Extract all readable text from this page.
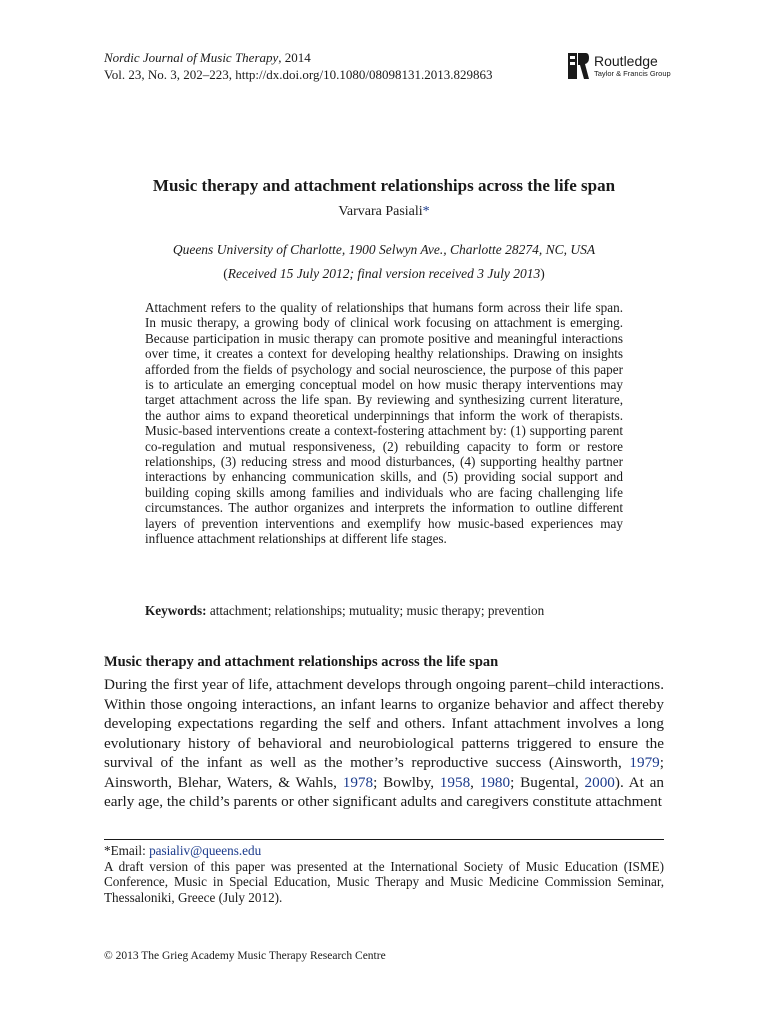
Nordic Journal of Music Therapy, 2014
Vol. 23, No. 3, 202–223, http://dx.doi.org/10.1080/08098131.2013.829863
Routledge
Taylor & Francis Group
Music therapy and attachment relationships across the life span
Varvara Pasiali*
Queens University of Charlotte, 1900 Selwyn Ave., Charlotte 28274, NC, USA
(Received 15 July 2012; final version received 3 July 2013)
Attachment refers to the quality of relationships that humans form across their life span. In music therapy, a growing body of clinical work focusing on attachment is emerging. Because participation in music therapy can promote positive and meaningful interactions over time, it creates a context for developing healthy relationships. Drawing on insights afforded from the fields of psychology and social neuroscience, the purpose of this paper is to articulate an emerging conceptual model on how music therapy interventions may target attachment across the life span. By reviewing and synthesizing current literature, the author aims to expand theoretical underpinnings that inform the work of therapists. Music-based interventions create a context-fostering attachment by: (1) supporting parent co-regulation and mutual responsiveness, (2) rebuilding capacity to form or restore relationships, (3) reducing stress and mood disturbances, (4) supporting healthy partner interactions by enhancing communication skills, and (5) providing social support and building coping skills among families and individuals who are facing challenging life circumstances. The author organizes and interprets the information to outline different layers of prevention interventions and exemplify how music-based experiences may influence attachment relationships at different life stages.
Keywords: attachment; relationships; mutuality; music therapy; prevention
Music therapy and attachment relationships across the life span
During the first year of life, attachment develops through ongoing parent–child interactions. Within those ongoing interactions, an infant learns to organize behavior and affect thereby developing expectations regarding the self and others. Infant attachment involves a long evolutionary history of behavioral and neurobiological patterns triggered to ensure the survival of the infant as well as the mother’s reproductive success (Ainsworth, 1979; Ainsworth, Blehar, Waters, & Wahls, 1978; Bowlby, 1958, 1980; Bugental, 2000). At an early age, the child’s parents or other significant adults and caregivers constitute attachment
*Email: pasialiv@queens.edu
A draft version of this paper was presented at the International Society of Music Education (ISME) Conference, Music in Special Education, Music Therapy and Music Medicine Commission Seminar, Thessaloniki, Greece (July 2012).
© 2013 The Grieg Academy Music Therapy Research Centre
